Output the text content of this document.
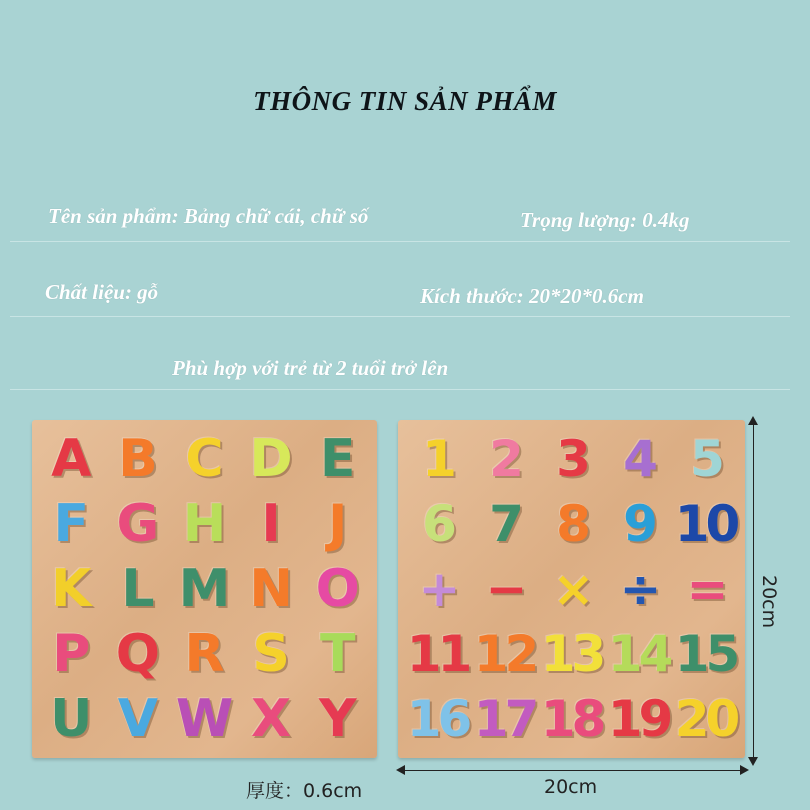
THÔNG TIN SẢN PHẨM
Tên sản phẩm: Bảng chữ cái, chữ số	Trọng lượng: 0.4kg
Chất liệu: gỗ	Kích thước: 20*20*0.6cm
Phù hợp với trẻ từ 2 tuổi trở lên
A B C D E
F G H I J
K L M N O
P Q R S T
U V W X Y
1 2 3 4 5
6 7 8 9 10
+ − × ÷ =
11 12 13 14 15
16 17 18 19 20
20cm
20cm
厚度：0.6cm
